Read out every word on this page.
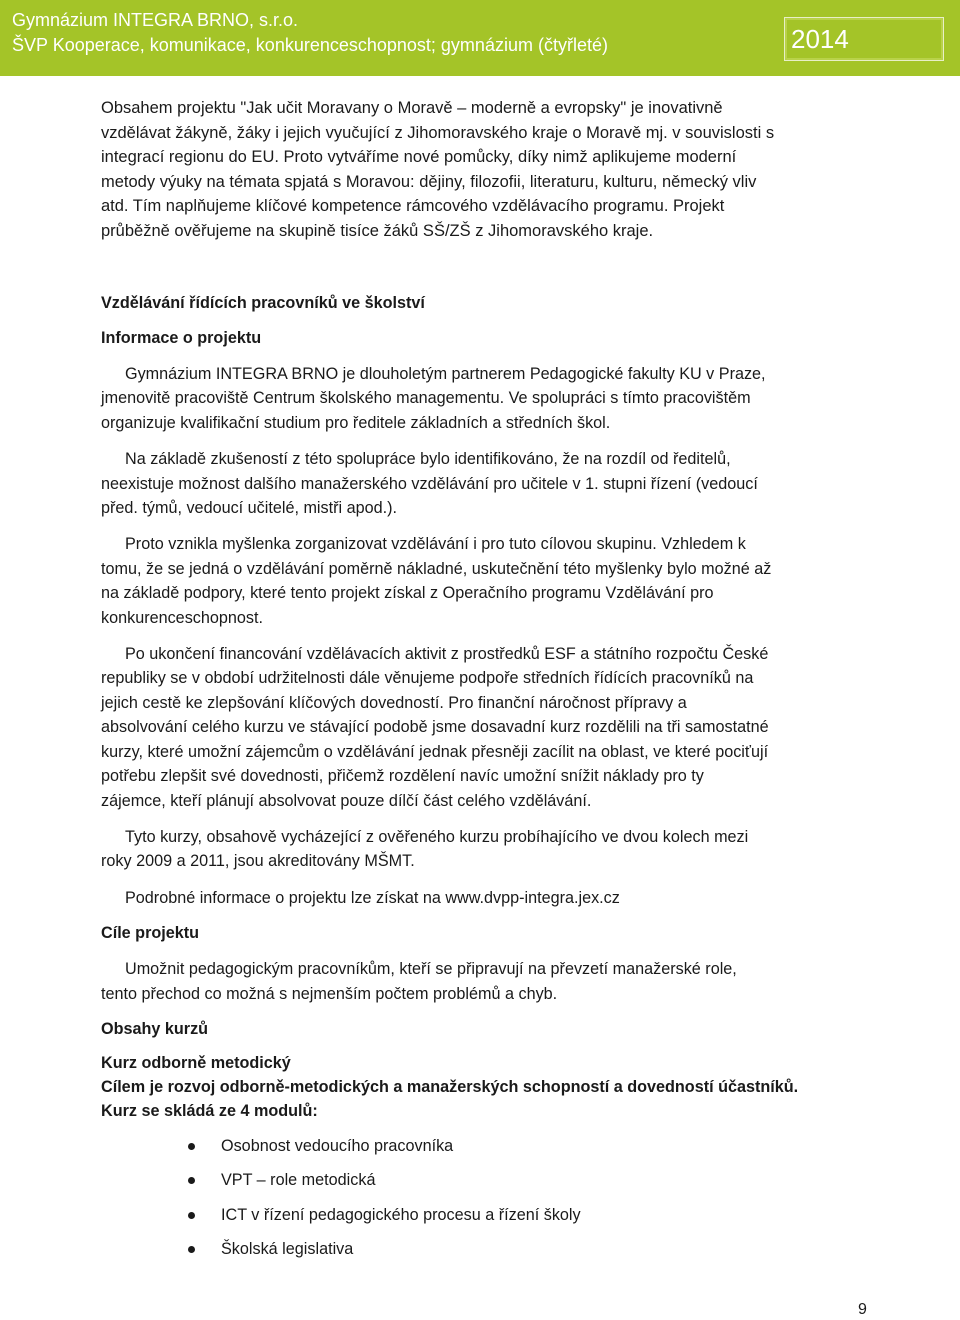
Gymnázium INTEGRA BRNO, s.r.o.
ŠVP Kooperace, komunikace, konkurenceschopnost; gymnázium (čtyřleté)	2014
Obsahem projektu "Jak učit Moravany o Moravě – moderně a evropsky" je inovativně
vzdělávat žákyně, žáky i jejich vyučující z Jihomoravského kraje o Moravě mj. v souvislosti s
integrací regionu do EU. Proto vytváříme nové pomůcky, díky nimž aplikujeme moderní
metody výuky na témata spjatá s Moravou: dějiny, filozofii, literaturu, kulturu, německý vliv
atd. Tím naplňujeme klíčové kompetence rámcového vzdělávacího programu. Projekt
průběžně ověřujeme na skupině tisíce žáků SŠ/ZŠ z Jihomoravského kraje.
Vzdělávání řídících pracovníků ve školství
Informace o projektu
Gymnázium INTEGRA BRNO je dlouholetým partnerem Pedagogické fakulty KU v Praze,
jmenovitě pracoviště Centrum školského managementu. Ve spolupráci s tímto pracovištěm
organizuje kvalifikační studium pro ředitele základních a středních škol.
Na základě zkušeností z této spolupráce bylo identifikováno, že na rozdíl od ředitelů,
neexistuje možnost dalšího manažerského vzdělávání pro učitele v 1. stupni řízení (vedoucí
před. týmů, vedoucí učitelé, mistři apod.).
Proto vznikla myšlenka zorganizovat vzdělávání i pro tuto cílovou skupinu. Vzhledem k
tomu, že se jedná o vzdělávání poměrně nákladné, uskutečnění této myšlenky bylo možné až
na základě podpory, které tento projekt získal z Operačního programu Vzdělávání pro
konkurenceschopnost.
Po ukončení financování vzdělávacích aktivit z prostředků ESF a státního rozpočtu České
republiky se v období udržitelnosti dále věnujeme podpoře středních řídících pracovníků na
jejich cestě ke zlepšování klíčových dovedností. Pro finanční náročnost přípravy a
absolvování celého kurzu ve stávající podobě jsme dosavadní kurz rozdělili na tři samostatné
kurzy, které umožní zájemcům o vzdělávání jednak přesněji zacílit na oblast, ve které pociťují
potřebu zlepšit své dovednosti, přičemž rozdělení navíc umožní snížit náklady pro ty
zájemce, kteří plánují absolvovat pouze dílčí část celého vzdělávání.
Tyto kurzy, obsahově vycházející z ověřeného kurzu probíhajícího ve dvou kolech mezi
roky 2009 a 2011, jsou akreditovány MŠMT.
Podrobné informace o projektu lze získat na www.dvpp-integra.jex.cz
Cíle projektu
Umožnit pedagogickým pracovníkům, kteří se připravují na převzetí manažerské role,
tento přechod co možná s nejmenším počtem problémů a chyb.
Obsahy kurzů
Kurz odborně metodický
Cílem je rozvoj odborně-metodických a manažerských schopností a dovedností účastníků.
Kurz se skládá ze 4 modulů:
Osobnost vedoucího pracovníka
VPT – role metodická
ICT v řízení pedagogického procesu a řízení školy
Školská legislativa
9
